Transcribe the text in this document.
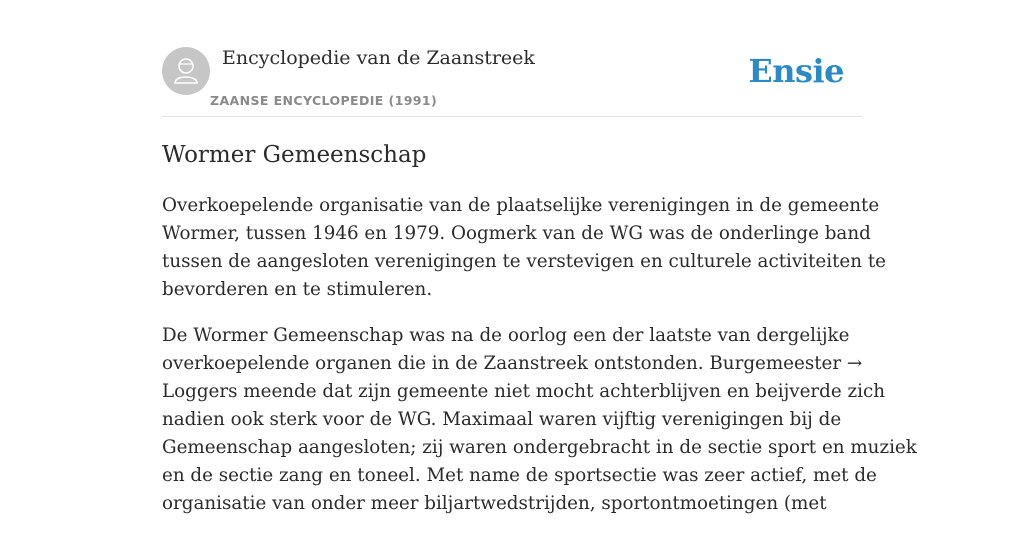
Encyclopedie van de Zaanstreek
ZAANSE ENCYCLOPEDIE (1991)
Ensie
Wormer Gemeenschap

Overkoepelende organisatie van de plaatselijke verenigingen in de gemeente
Wormer, tussen 1946 en 1979. Oogmerk van de WG was de onderlinge band
tussen de aangesloten verenigingen te verstevigen en culturele activiteiten te
bevorderen en te stimuleren.

De Wormer Gemeenschap was na de oorlog een der laatste van dergelijke
overkoepelende organen die in de Zaanstreek ontstonden. Burgemeester →
Loggers meende dat zijn gemeente niet mocht achterblijven en beijverde zich
nadien ook sterk voor de WG. Maximaal waren vijftig verenigingen bij de
Gemeenschap aangesloten; zij waren ondergebracht in de sectie sport en muziek
en de sectie zang en toneel. Met name de sportsectie was zeer actief, met de
organisatie van onder meer biljartwedstrijden, sportontmoetingen (met
